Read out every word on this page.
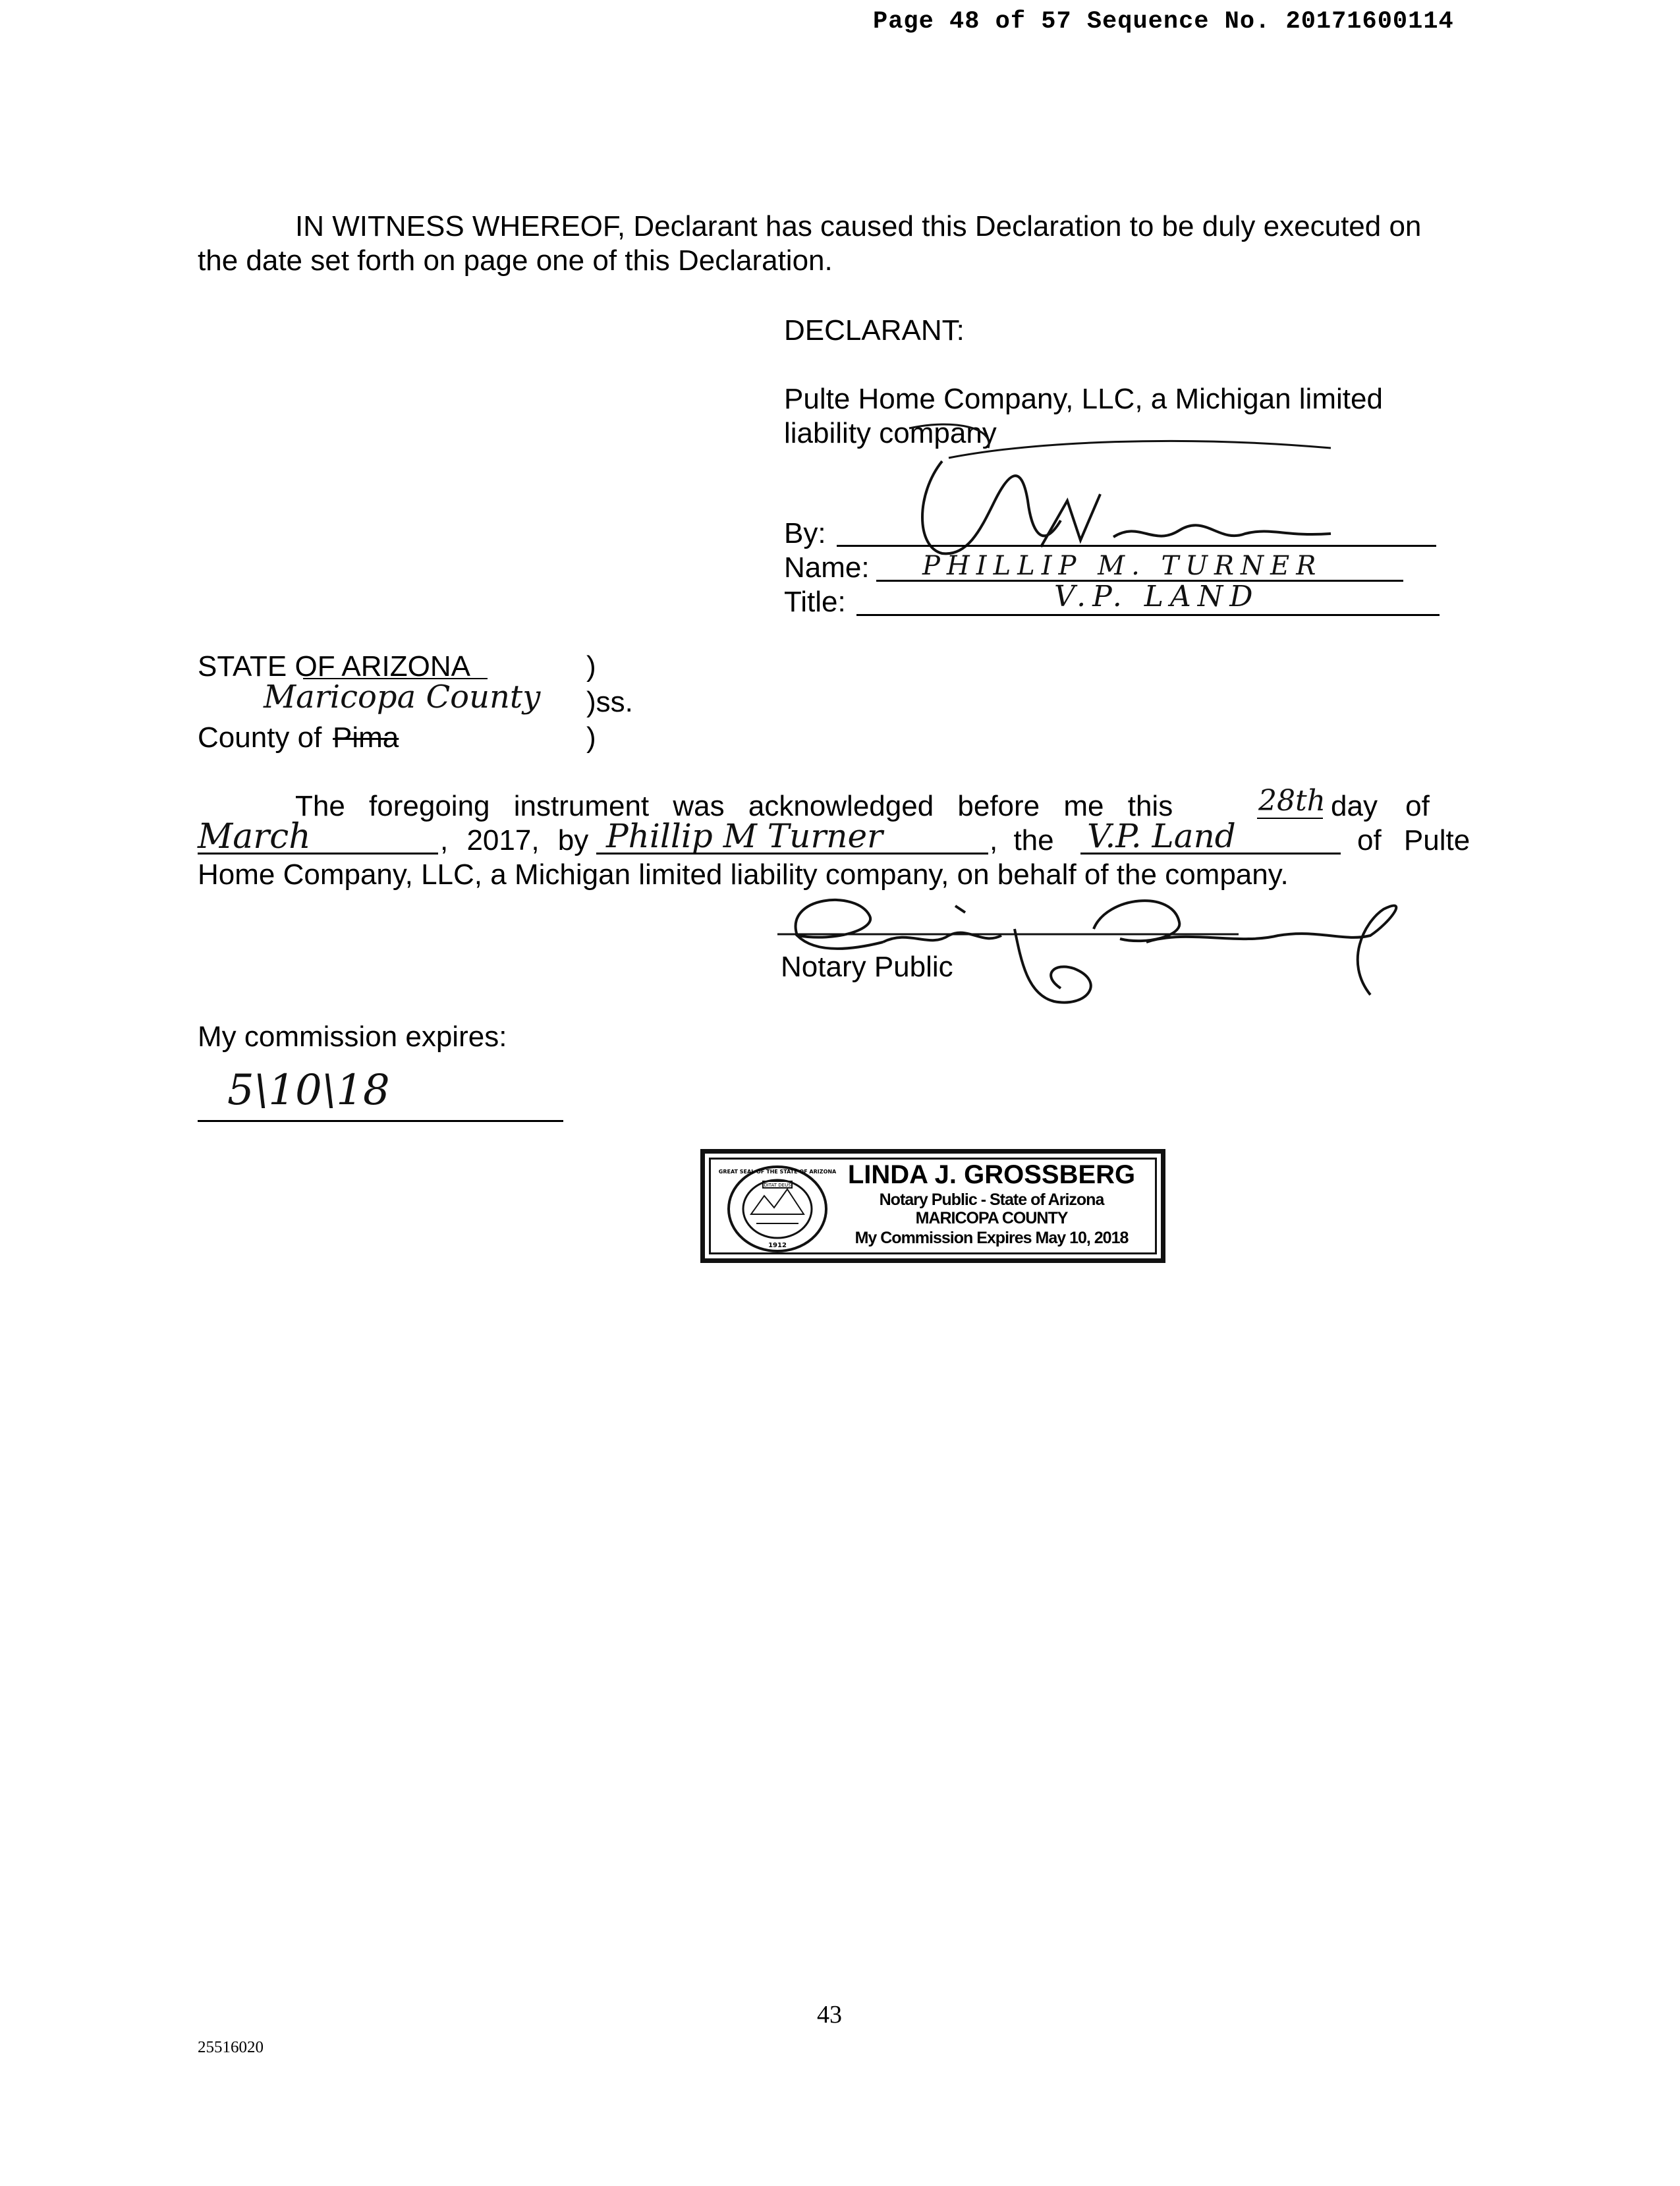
Page 48 of 57 Sequence No. 20171600114
IN WITNESS WHEREOF, Declarant has caused this Declaration to be duly executed on
the date set forth on page one of this Declaration.
DECLARANT:
Pulte Home Company, LLC, a Michigan limited
liability company
By:
Name: PHILLIP M. TURNER
Title:	V.P. LAND
STATE OF ARIZONA	)
Maricopa County )ss.
County of Pima	)
The foregoing instrument was acknowledged before me this	28th day of
March	, 2017, by Phillip M Turner	, the V.P. Land	of Pulte
Home Company, LLC, a Michigan limited liability company, on behalf of the company.
Notary Public
My commission expires:
5\10\18
DITAT DEUS
1912
GREAT SEAL OF THE STATE OF ARIZONA LINDA J. GROSSBERG
Notary Public - State of Arizona
MARICOPA COUNTY
My Commission Expires May 10, 2018
43
25516020
